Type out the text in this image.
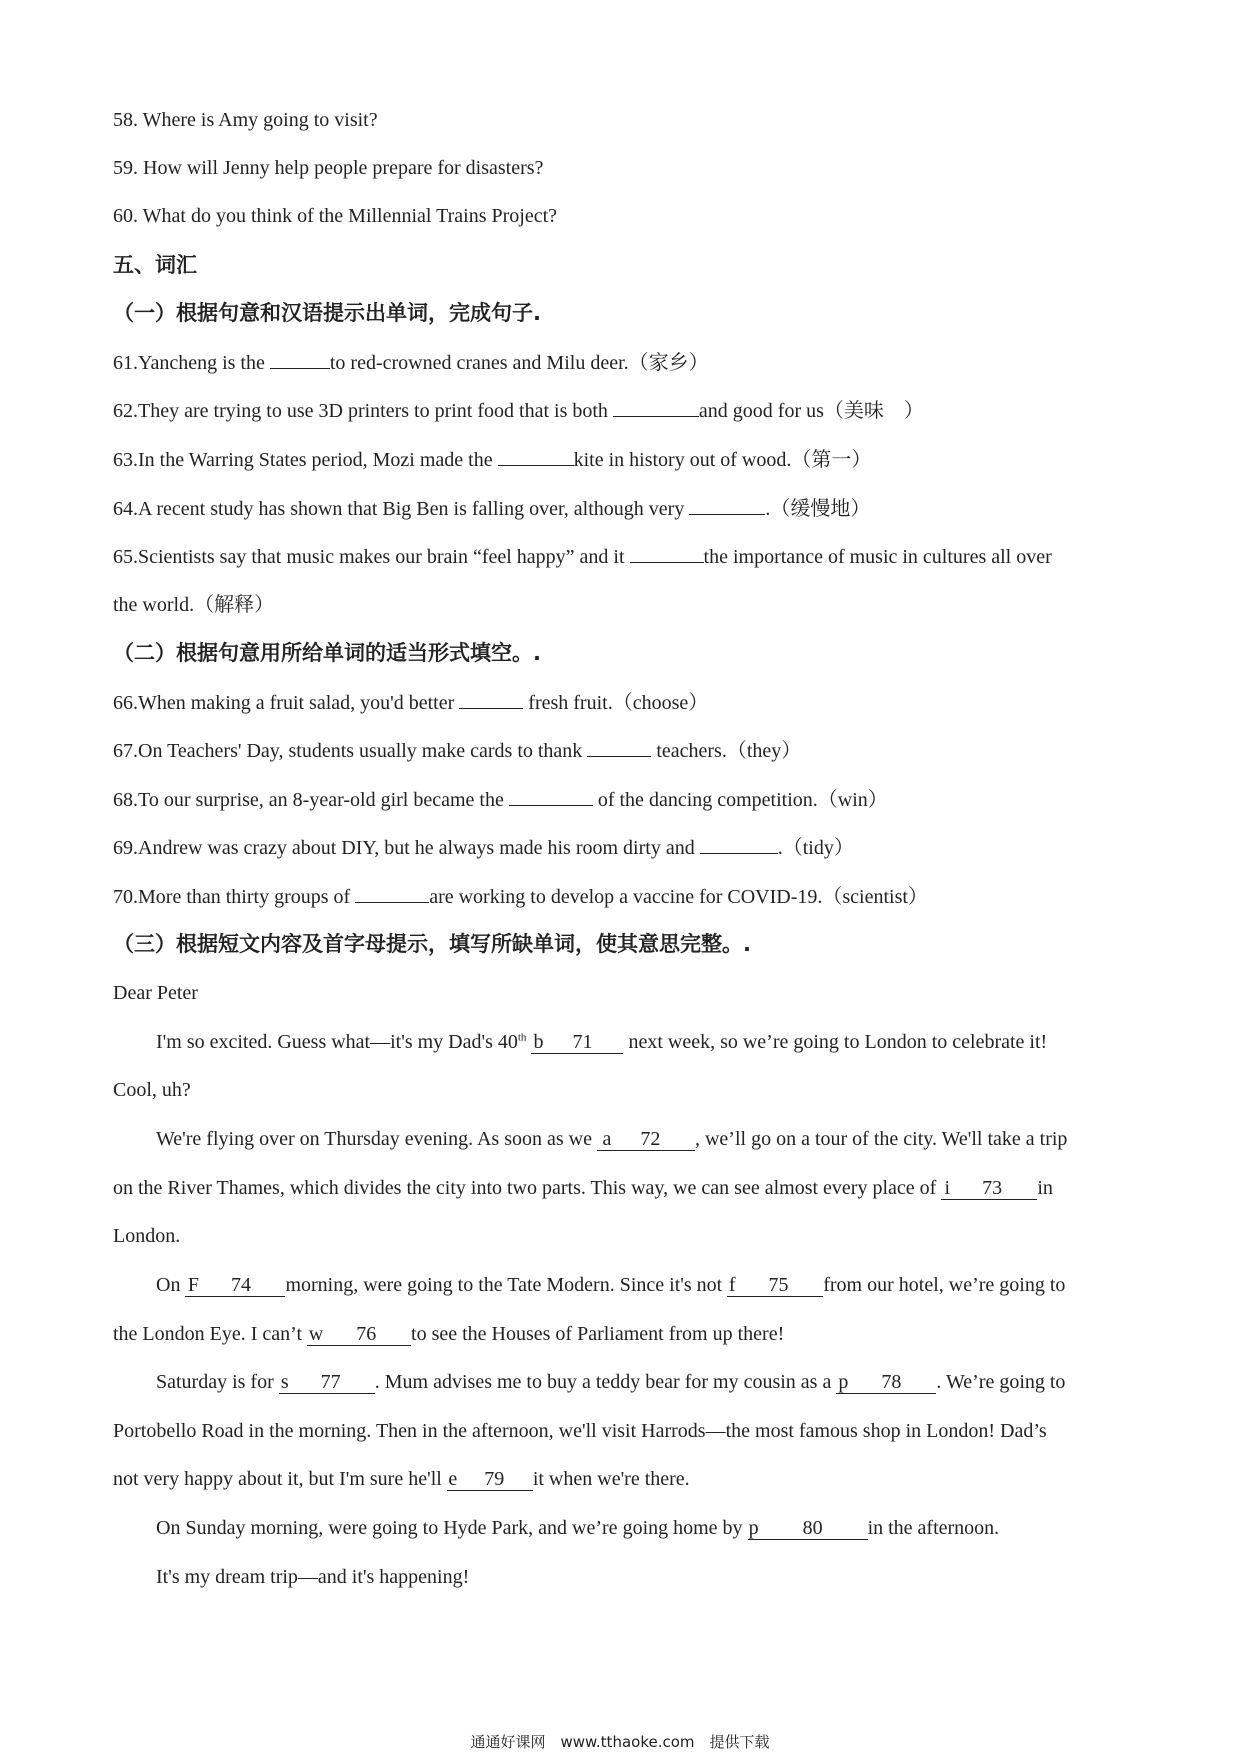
58. Where is Amy going to visit?
59. How will Jenny help people prepare for disasters?
60. What do you think of the Millennial Trains Project?
五、词汇
（一）根据句意和汉语提示出单词，完成句子.
61.Yancheng is the	to red-crowned cranes and Milu deer.（家乡）
62.They are trying to use 3D printers to print food that is both	and good for us（美味　）
63.In the Warring States period, Mozi made the	kite in history out of wood.（第一）
64.A recent study has shown that Big Ben is falling over, although very	.（缓慢地）
65.Scientists say that music makes our brain “feel happy” and it	the importance of music in cultures all over
the world.（解释）
（二）根据句意用所给单词的适当形式填空。.
66.When making a fruit salad, you'd better	fresh fruit.（choose）
67.On Teachers' Day, students usually make cards to thank	teachers.（they）
68.To our surprise, an 8-year-old girl became the	of the dancing competition.（win）
69.Andrew was crazy about DIY, but he always made his room dirty and	.（tidy）
70.More than thirty groups of	are working to develop a vaccine for COVID-19.（scientist）
（三）根据短文内容及首字母提示，填写所缺单词，使其意思完整。.
Dear Peter
I'm so excited. Guess what—it's my Dad's 40th b 71 next week, so we’re going to London to celebrate it!
Cool, uh?
We're flying over on Thursday evening. As soon as we a 72 , we’ll go on a tour of the city. We'll take a trip
on the River Thames, which divides the city into two parts. This way, we can see almost every place of i 73 in
London.
On F 74 morning, were going to the Tate Modern. Since it's not f 75 from our hotel, we’re going to
the London Eye. I can’t w 76 to see the Houses of Parliament from up there!
Saturday is for s 77 . Mum advises me to buy a teddy bear for my cousin as a p 78 . We’re going to
Portobello Road in the morning. Then in the afternoon, we'll visit Harrods—the most famous shop in London! Dad’s
not very happy about it, but I'm sure he'll e 79 it when we're there.
On Sunday morning, were going to Hyde Park, and we’re going home by p 80 in the afternoon.
It's my dream trip—and it's happening!
通通好课网　www.tthaoke.com　提供下载
